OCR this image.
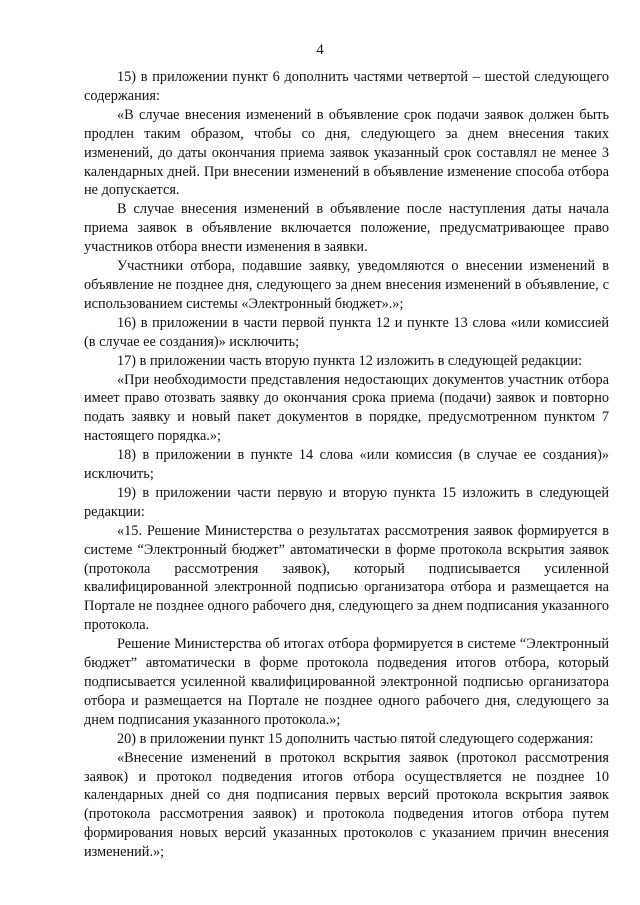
4

15) в приложении пункт 6 дополнить частями четвертой – шестой следующего содержания:

«В случае внесения изменений в объявление срок подачи заявок должен быть продлен таким образом, чтобы со дня, следующего за днем внесения таких изменений, до даты окончания приема заявок указанный срок составлял не менее 3 календарных дней. При внесении изменений в объявление изменение способа отбора не допускается.

В случае внесения изменений в объявление после наступления даты начала приема заявок в объявление включается положение, предусматривающее право участников отбора внести изменения в заявки.

Участники отбора, подавшие заявку, уведомляются о внесении изменений в объявление не позднее дня, следующего за днем внесения изменений в объявление, с использованием системы «Электронный бюджет».»;

16) в приложении в части первой пункта 12 и пункте 13 слова «или комиссией (в случае ее создания)» исключить;

17) в приложении часть вторую пункта 12 изложить в следующей редакции:

«При необходимости представления недостающих документов участник отбора имеет право отозвать заявку до окончания срока приема (подачи) заявок и повторно подать заявку и новый пакет документов в порядке, предусмотренном пунктом 7 настоящего порядка.»;

18) в приложении в пункте 14 слова «или комиссия (в случае ее создания)» исключить;

19) в приложении части первую и вторую пункта 15 изложить в следующей редакции:

«15. Решение Министерства о результатах рассмотрения заявок формируется в системе “Электронный бюджет” автоматически в форме протокола вскрытия заявок (протокола рассмотрения заявок), который подписывается усиленной квалифицированной электронной подписью организатора отбора и размещается на Портале не позднее одного рабочего дня, следующего за днем подписания указанного протокола.

Решение Министерства об итогах отбора формируется в системе “Электронный бюджет” автоматически в форме протокола подведения итогов отбора, который подписывается усиленной квалифицированной электронной подписью организатора отбора и размещается на Портале не позднее одного рабочего дня, следующего за днем подписания указанного протокола.»;

20) в приложении пункт 15 дополнить частью пятой следующего содержания:

«Внесение изменений в протокол вскрытия заявок (протокол рассмотрения заявок) и протокол подведения итогов отбора осуществляется не позднее 10 календарных дней со дня подписания первых версий протокола вскрытия заявок (протокола рассмотрения заявок) и протокола подведения итогов отбора путем формирования новых версий указанных протоколов с указанием причин внесения изменений.»;
